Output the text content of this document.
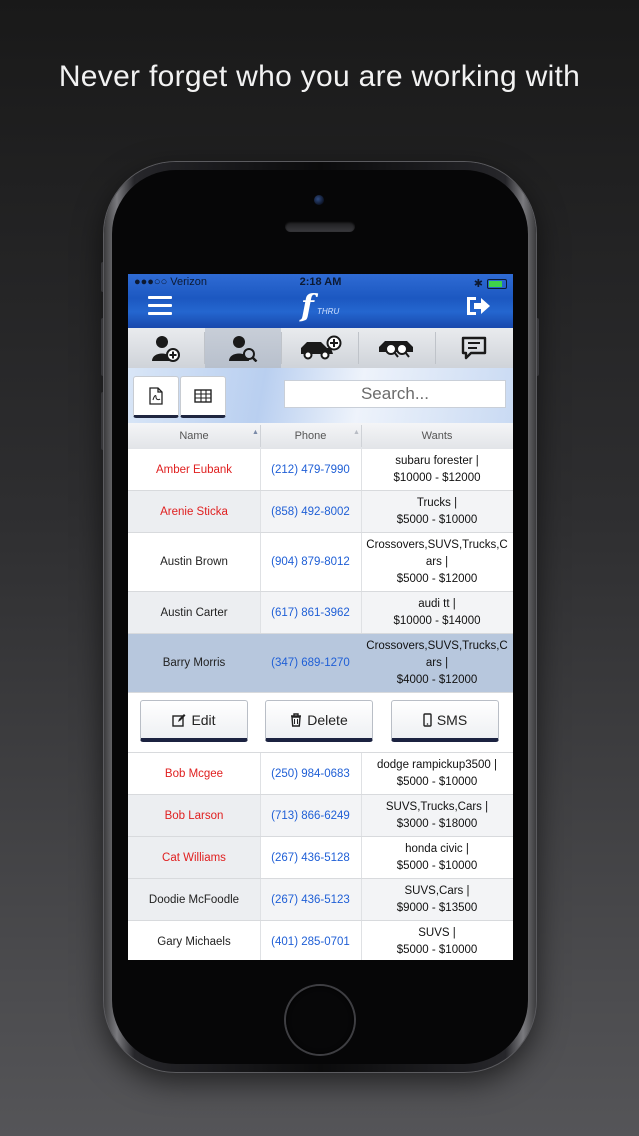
Never forget who you are working with
●●●○○ Verizon	2:18 AM	✱
f THRU
Search...
Name	▲	Phone	▲	Wants
Amber Eubank	(212) 479-7990
subaru forester |
$10000 - $12000
Arenie Sticka	(858) 492-8002
Trucks |
$5000 - $10000
Austin Brown	(904) 879-8012
Crossovers,SUVS,Trucks,C
ars |
$5000 - $12000
Austin Carter	(617) 861-3962
audi tt |
$10000 - $14000
Barry Morris	(347) 689-1270
Crossovers,SUVS,Trucks,C
ars |
$4000 - $12000
Edit	Delete	SMS
Bob Mcgee	(250) 984-0683
dodge rampickup3500 |
$5000 - $10000
Bob Larson	(713) 866-6249
SUVS,Trucks,Cars |
$3000 - $18000
Cat Williams	(267) 436-5128
honda civic |
$5000 - $10000
Doodie McFoodle	(267) 436-5123
SUVS,Cars |
$9000 - $13500
Gary Michaels	(401) 285-0701
SUVS |
$5000 - $10000
